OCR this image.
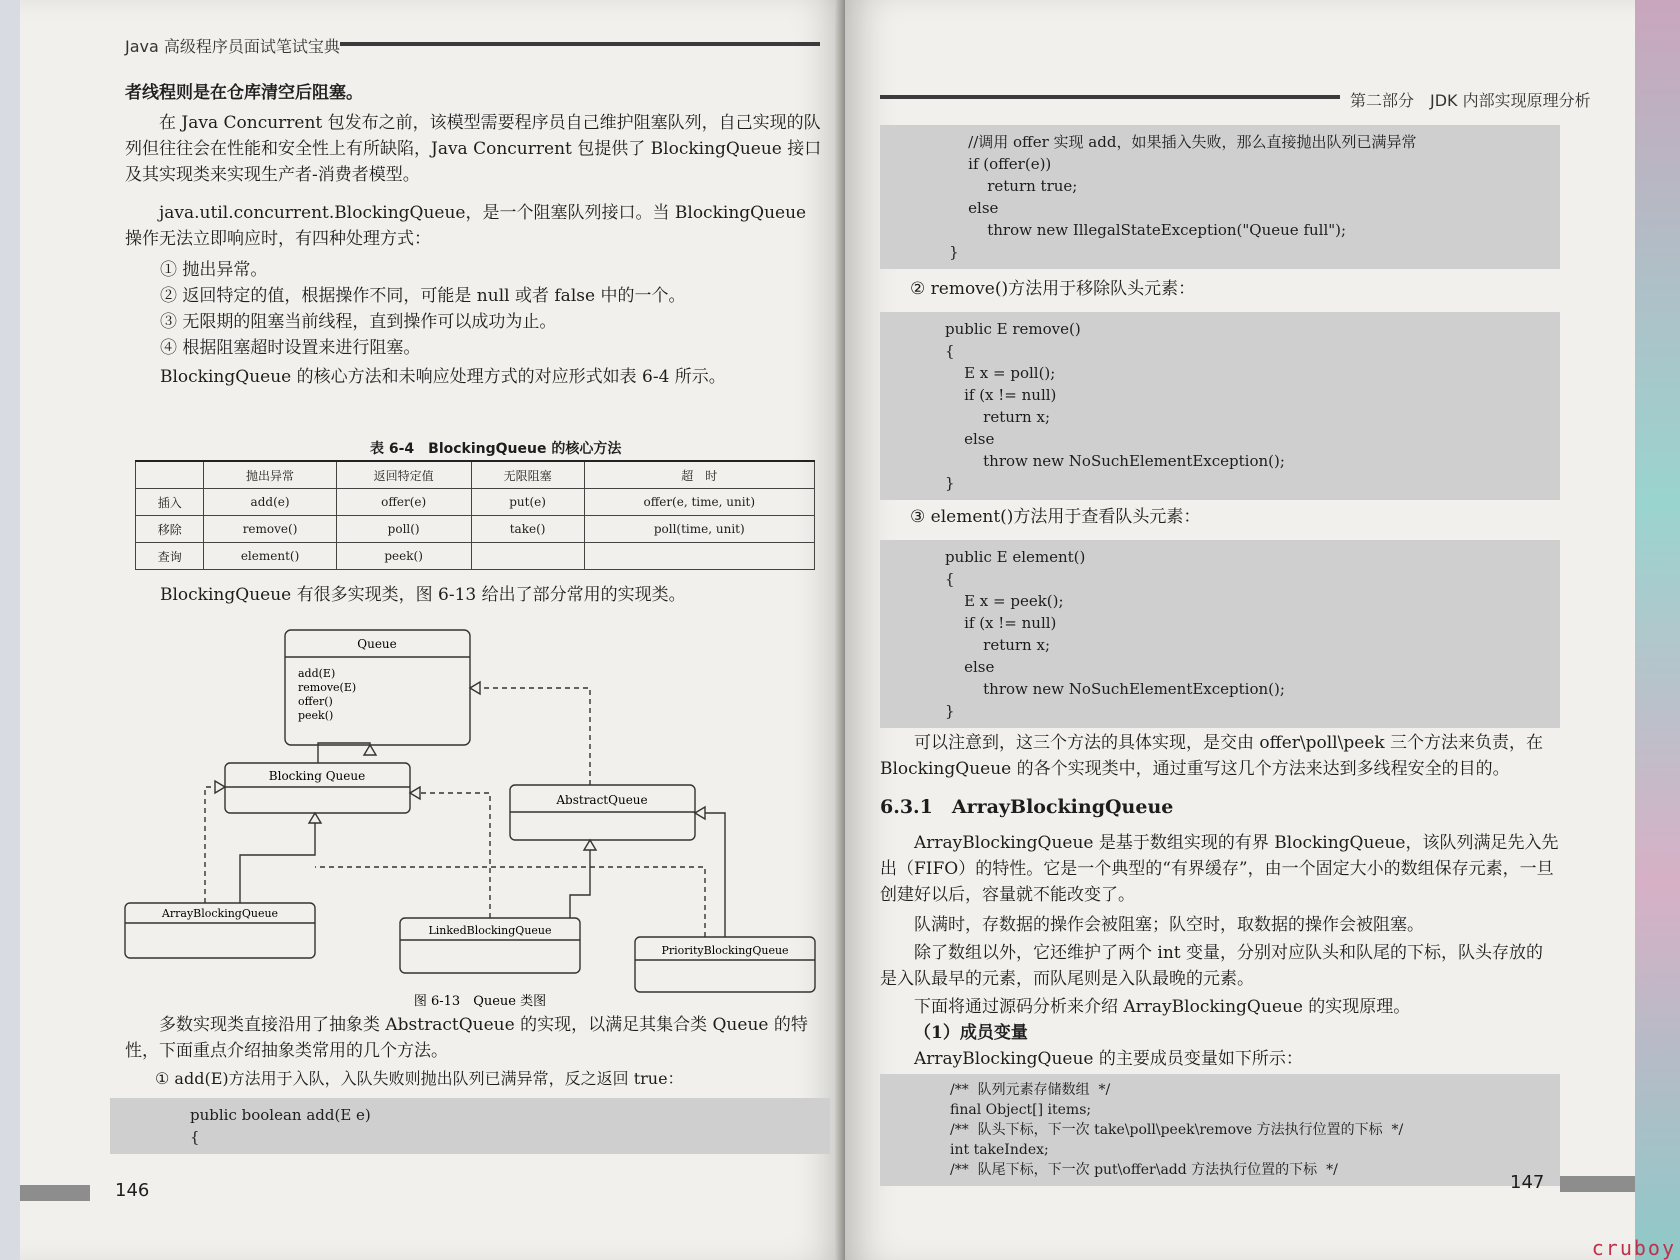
Java 高级程序员面试笔试宝典

者线程则是在仓库清空后阻塞。

在 Java Concurrent 包发布之前，该模型需要程序员自己维护阻塞队列，自己实现的队列但往往会在性能和安全性上有所缺陷，Java Concurrent 包提供了 BlockingQueue 接口及其实现类来实现生产者-消费者模型。

java.util.concurrent.BlockingQueue，是一个阻塞队列接口。当 BlockingQueue 操作无法立即响应时，有四种处理方式：

① 抛出异常。
② 返回特定的值，根据操作不同，可能是 null 或者 false 中的一个。
③ 无限期的阻塞当前线程，直到操作可以成功为止。
④ 根据阻塞超时设置来进行阻塞。

BlockingQueue 的核心方法和未响应处理方式的对应形式如表 6-4 所示。

表 6-4　BlockingQueue 的核心方法
	抛出异常	返回特定值	无限阻塞	超　时
插入	add(e)	offer(e)	put(e)	offer(e, time, unit)
移除	remove()	poll()	take()	poll(time, unit)
查询	element()	peek()		

BlockingQueue 有很多实现类，图 6-13 给出了部分常用的实现类。

Queue
add(E)
remove(E)
offer()
peek()
Blocking Queue
AbstractQueue
ArrayBlockingQueue
LinkedBlockingQueue
PriorityBlockingQueue
图 6-13　Queue 类图

多数实现类直接沿用了抽象类 AbstractQueue 的实现，以满足其集合类 Queue 的特性，下面重点介绍抽象类常用的几个方法。

① add(E)方法用于入队，入队失败则抛出队列已满异常，反之返回 true：

public boolean add(E e)
{
146
第二部分　JDK 内部实现原理分析
//调用 offer 实现 add，如果插入失败，那么直接抛出队列已满异常
if (offer(e))
return true;
else
throw new IllegalStateException("Queue full");
}

② remove()方法用于移除队头元素：

public E remove()
{
E x = poll();
if (x != null)
return x;
else
throw new NoSuchElementException();
}

③ element()方法用于查看队头元素：

public E element()
{
E x = peek();
if (x != null)
return x;
else
throw new NoSuchElementException();
}

可以注意到，这三个方法的具体实现，是交由 offer\poll\peek 三个方法来负责，在 BlockingQueue 的各个实现类中，通过重写这几个方法来达到多线程安全的目的。

6.3.1　ArrayBlockingQueue

ArrayBlockingQueue 是基于数组实现的有界 BlockingQueue，该队列满足先入先出（FIFO）的特性。它是一个典型的“有界缓存”，由一个固定大小的数组保存元素，一旦创建好以后，容量就不能改变了。

队满时，存数据的操作会被阻塞；队空时，取数据的操作会被阻塞。

除了数组以外，它还维护了两个 int 变量，分别对应队头和队尾的下标，队头存放的是入队最早的元素，而队尾则是入队最晚的元素。

下面将通过源码分析来介绍 ArrayBlockingQueue 的实现原理。

（1）成员变量

ArrayBlockingQueue 的主要成员变量如下所示：

/**  队列元素存储数组  */
final Object[] items;
/**  队头下标，下一次 take\poll\peek\remove 方法执行位置的下标  */
int takeIndex;
/**  队尾下标，下一次 put\offer\add 方法执行位置的下标  */
147
cruboy
